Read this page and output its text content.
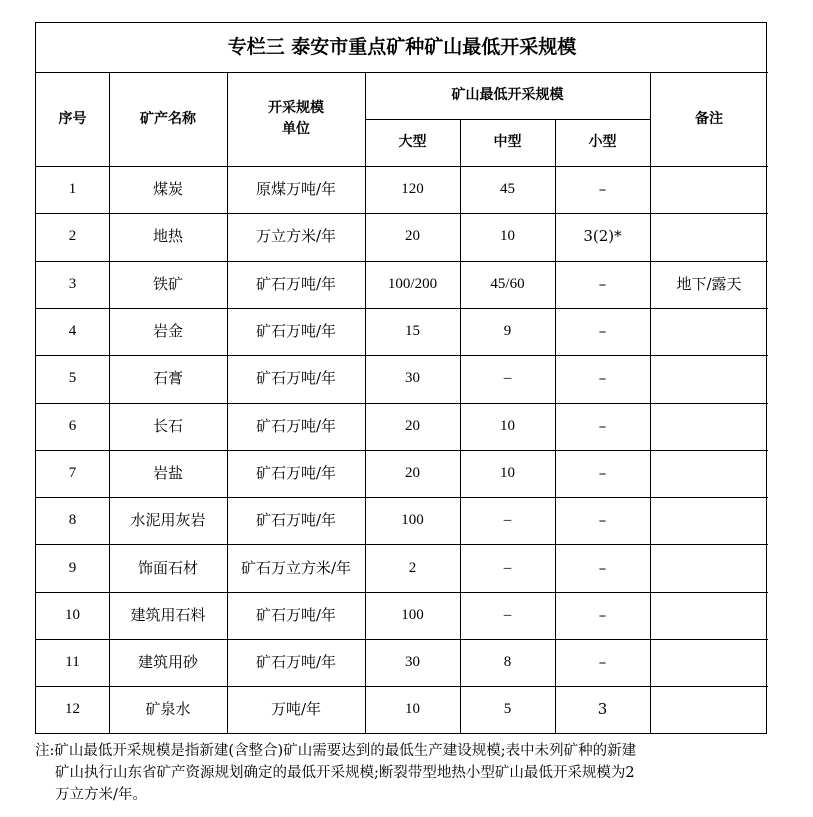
专栏三 泰安市重点矿种矿山最低开采规模
序号	矿产名称
开采规模
单位
矿山最低开采规模
大型	中型	小型
备注
1	煤炭	原煤万吨/年	120	45	–
2	地热	万立方米/年	20	10	3(2)*
3	铁矿	矿石万吨/年	100/200	45/60	–	地下/露天
4	岩金	矿石万吨/年	15	9	–
5	石膏	矿石万吨/年	30	–	–
6	长石	矿石万吨/年	20	10	–
7	岩盐	矿石万吨/年	20	10	–
8	水泥用灰岩	矿石万吨/年	100	–	–
9	饰面石材	矿石万立方米/年	2	–	–
10	建筑用石料	矿石万吨/年	100	–	–
11	建筑用砂	矿石万吨/年	30	8	–
12	矿泉水	万吨/年	10	5	3
注:矿山最低开采规模是指新建(含整合)矿山需要达到的最低生产建设规模;表中未列矿种的新建
矿山执行山东省矿产资源规划确定的最低开采规模;断裂带型地热小型矿山最低开采规模为2
万立方米/年。
